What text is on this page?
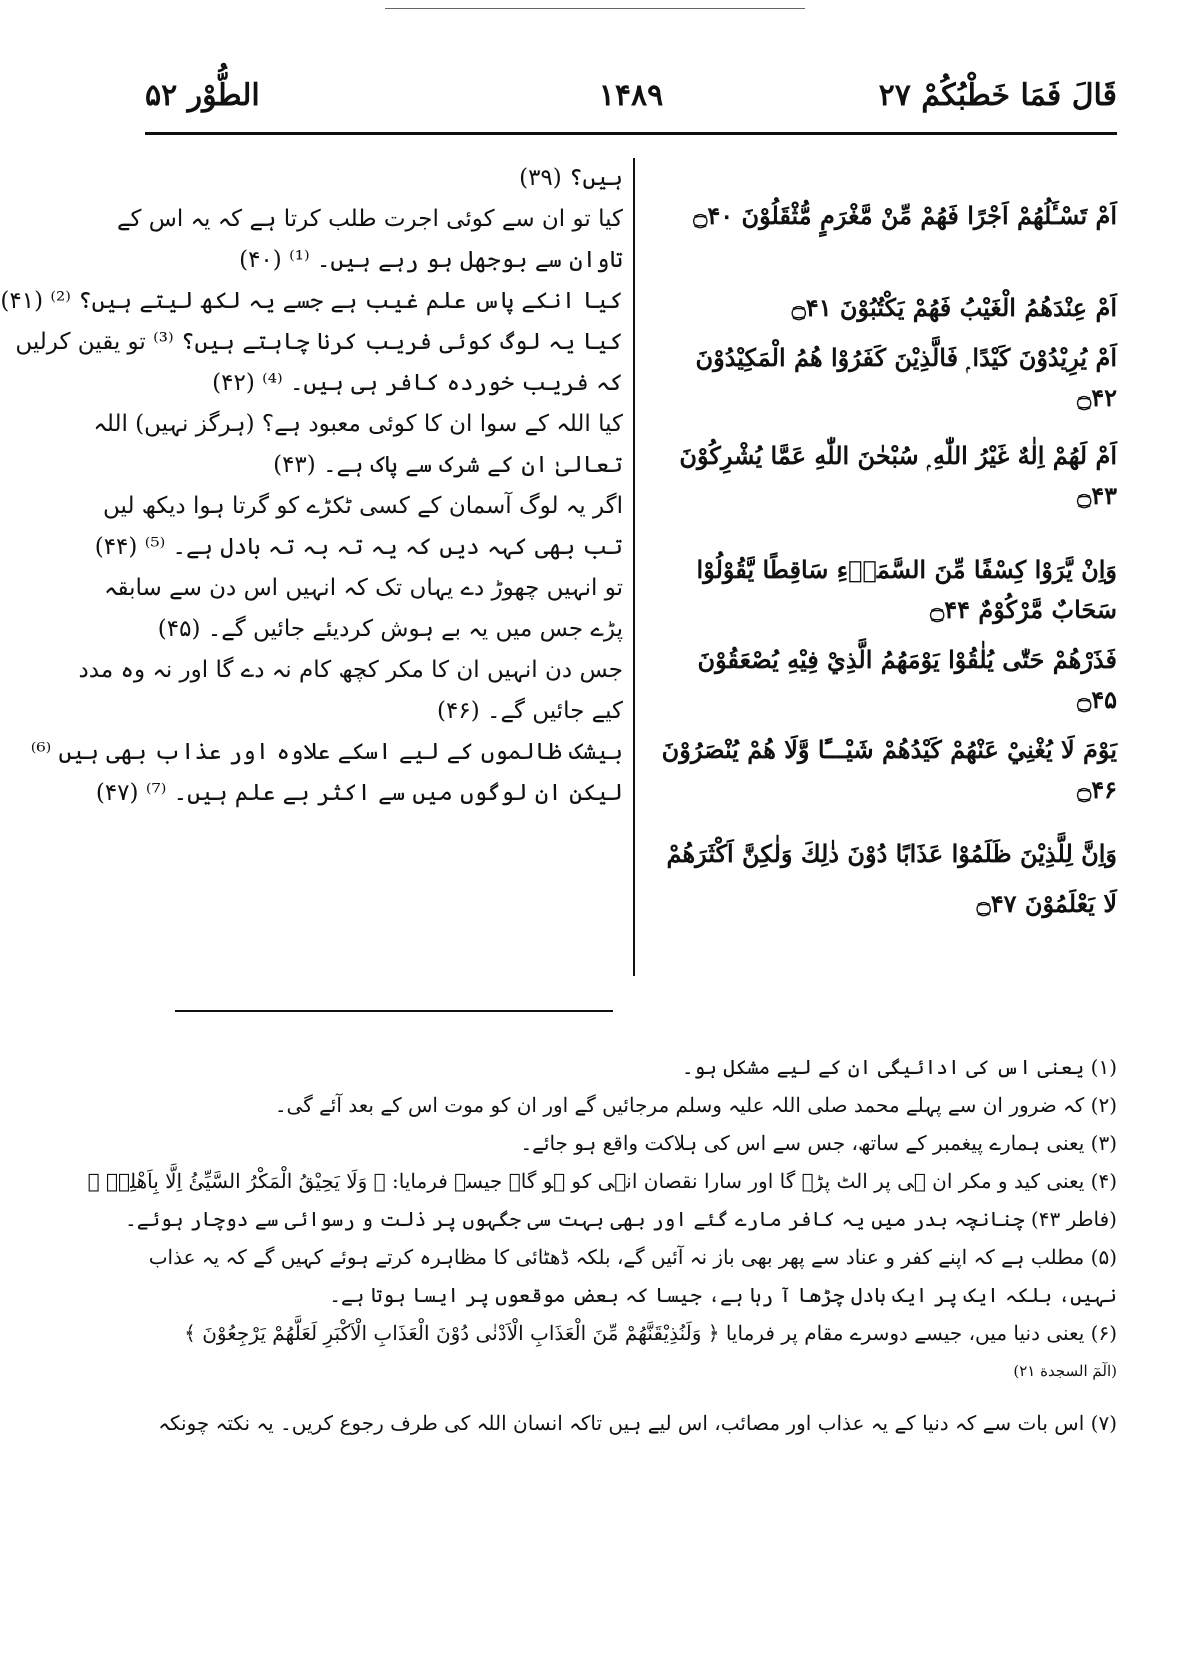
قَالَ فَمَا خَطْبُكُمْ ۲۷
۱۴۸۹
الطُّوْر ۵۲
اَمْ تَسْـَٔلُهُمْ اَجْرًا فَهُمْ مِّنْ مَّغْرَمٍ مُّثْقَلُوْنَ ۝۴۰
اَمْ عِنْدَهُمُ الْغَيْبُ فَهُمْ يَكْتُبُوْنَ ۝۴۱
اَمْ يُرِيْدُوْنَ كَيْدًا ۭ فَالَّذِيْنَ كَفَرُوْا هُمُ الْمَكِيْدُوْنَ ۝۴۲
اَمْ لَهُمْ اِلٰهٌ غَيْرُ اللّٰهِ ۭ سُبْحٰنَ اللّٰهِ عَمَّا يُشْرِكُوْنَ ۝۴۳
وَاِنْ يَّرَوْا كِسْفًا مِّنَ السَّمَاۗءِ سَاقِطًا يَّقُوْلُوْا سَحَابٌ مَّرْكُوْمٌ ۝۴۴
فَذَرْهُمْ حَتّٰى يُلٰقُوْا يَوْمَهُمُ الَّذِيْ فِيْهِ يُصْعَقُوْنَ ۝۴۵
يَوْمَ لَا يُغْنِيْ عَنْهُمْ كَيْدُهُمْ شَيْـــًٔا وَّلَا هُمْ يُنْصَرُوْنَ ۝۴۶
وَاِنَّ لِلَّذِيْنَ ظَلَمُوْا عَذَابًا دُوْنَ ذٰلِكَ وَلٰكِنَّ اَكْثَرَهُمْ
لَا يَعْلَمُوْنَ ۝۴۷
ہیں؟ (۳۹)
کیا تو ان سے کوئی اجرت طلب کرتا ہے کہ یہ اس کے
تاوان سے بوجھل ہو رہے ہیں۔ ⁽¹⁾ (۴۰)
کیا انکے پاس علم غیب ہے جسے یہ لکھ لیتے ہیں؟ ⁽²⁾ (۴۱)
کیا یہ لوگ کوئی فریب کرنا چاہتے ہیں؟ ⁽³⁾ تو یقین کرلیں
کہ فریب خوردہ کافر ہی ہیں۔ ⁽⁴⁾ (۴۲)
کیا اللہ کے سوا ان کا کوئی معبود ہے؟ (ہرگز نہیں) اللہ
تعالیٰ ان کے شرک سے پاک ہے۔ (۴۳)
اگر یہ لوگ آسمان کے کسی ٹکڑے کو گرتا ہوا دیکھ لیں
تب بھی کہہ دیں کہ یہ تہ بہ تہ بادل ہے۔ ⁽⁵⁾ (۴۴)
تو انہیں چھوڑ دے یہاں تک کہ انہیں اس دن سے سابقہ
پڑے جس میں یہ بے ہوش کردیئے جائیں گے۔ (۴۵)
جس دن انہیں ان کا مکر کچھ کام نہ دے گا اور نہ وہ مدد
کیے جائیں گے۔ (۴۶)
بیشک ظالموں کے لیے اسکے علاوہ اور عذاب بھی ہیں ⁽⁶⁾
لیکن ان لوگوں میں سے اکثر بے علم ہیں۔ ⁽⁷⁾ (۴۷)
(۱) یعنی اس کی ادائیگی ان کے لیے مشکل ہو۔
(۲) کہ ضرور ان سے پہلے محمد صلی اللہ علیہ وسلم مرجائیں گے اور ان کو موت اس کے بعد آئے گی۔
(۳) یعنی ہمارے پیغمبر کے ساتھ، جس سے اس کی ہلاکت واقع ہو جائے۔
(۴) یعنی کید و مکر ان ہی پر الٹ پڑے گا اور سارا نقصان انہی کو ہو گا۔ جیسے فرمایا: ﴿ وَلَا يَحِيْقُ الْمَكْرُ السَّيِّئُ اِلَّا بِاَهْلِهٖ ﴾
(فاطر ۴۳) چنانچہ بدر میں یہ کافر مارے گئے اور بھی بہت سی جگہوں پر ذلت و رسوائی سے دوچار ہوئے۔
(۵) مطلب ہے کہ اپنے کفر و عناد سے پھر بھی باز نہ آئیں گے، بلکہ ڈھٹائی کا مظاہرہ کرتے ہوئے کہیں گے کہ یہ عذاب
نہیں، بلکہ ایک پر ایک بادل چڑھا آ رہا ہے، جیسا کہ بعض موقعوں پر ایسا ہوتا ہے۔
(۶) یعنی دنیا میں، جیسے دوسرے مقام پر فرمایا ﴿ وَلَنُذِيْقَنَّهُمْ مِّنَ الْعَذَابِ الْاَدْنٰى دُوْنَ الْعَذَابِ الْاَكْبَرِ لَعَلَّهُمْ يَرْجِعُوْنَ ﴾
(الٓمٓ السجدة ۲۱)
(۷) اس بات سے کہ دنیا کے یہ عذاب اور مصائب، اس لیے ہیں تاکہ انسان اللہ کی طرف رجوع کریں۔ یہ نکتہ چونکہ
